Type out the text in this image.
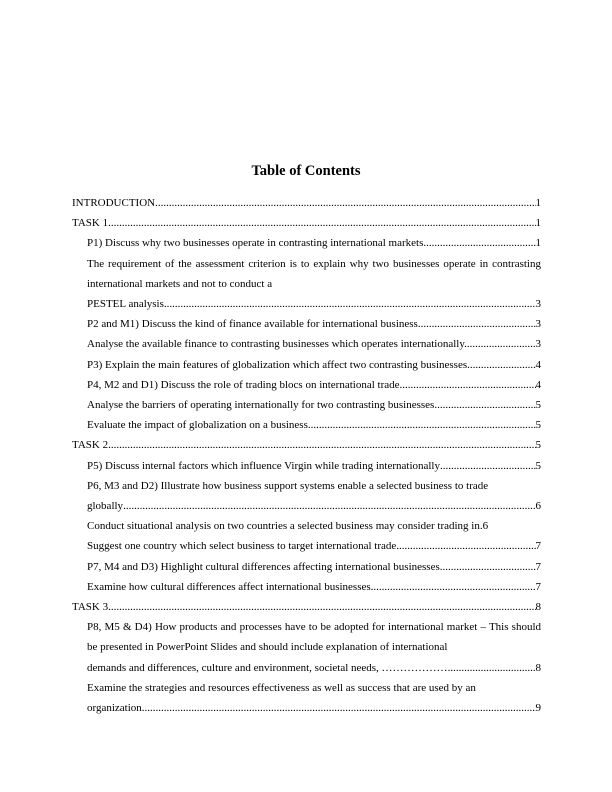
Table of Contents
INTRODUCTION .....	1
TASK 1 .....	1
P1) Discuss why two businesses operate in contrasting international markets .....	1
The requirement of the assessment criterion is to explain why two businesses operate in contrasting international markets and not to conduct a
PESTEL analysis .....	3
P2 and M1) Discuss the kind of finance available for international business .....	3
Analyse the available finance to contrasting businesses which operates internationally. .....	3
P3) Explain the main features of globalization which affect two contrasting businesses .....	4
P4, M2 and D1) Discuss the role of trading blocs on international trade. .....	4
Analyse the barriers of operating internationally for two contrasting businesses. .....	5
Evaluate the impact of globalization on a business. .....	5
TASK 2 .....	5
P5) Discuss internal factors which influence Virgin while trading internationally .....	5
P6, M3 and D2) Illustrate how business support systems enable a selected business to trade
globally .....	6
Conduct situational analysis on two countries a selected business may consider trading in. 6
Suggest one country which select business to target international trade. .....	7
P7, M4 and D3) Highlight cultural differences affecting international businesses. .....	7
Examine how cultural differences affect international businesses .....	7
TASK 3 .....	8
P8, M5 & D4) How products and processes have to be adopted for international market – This should be presented in PowerPoint Slides and should include explanation of international
demands and differences, culture and environment, societal needs, ……………… .....	8
Examine the strategies and resources effectiveness as well as success that are used by an
organization .....	9
